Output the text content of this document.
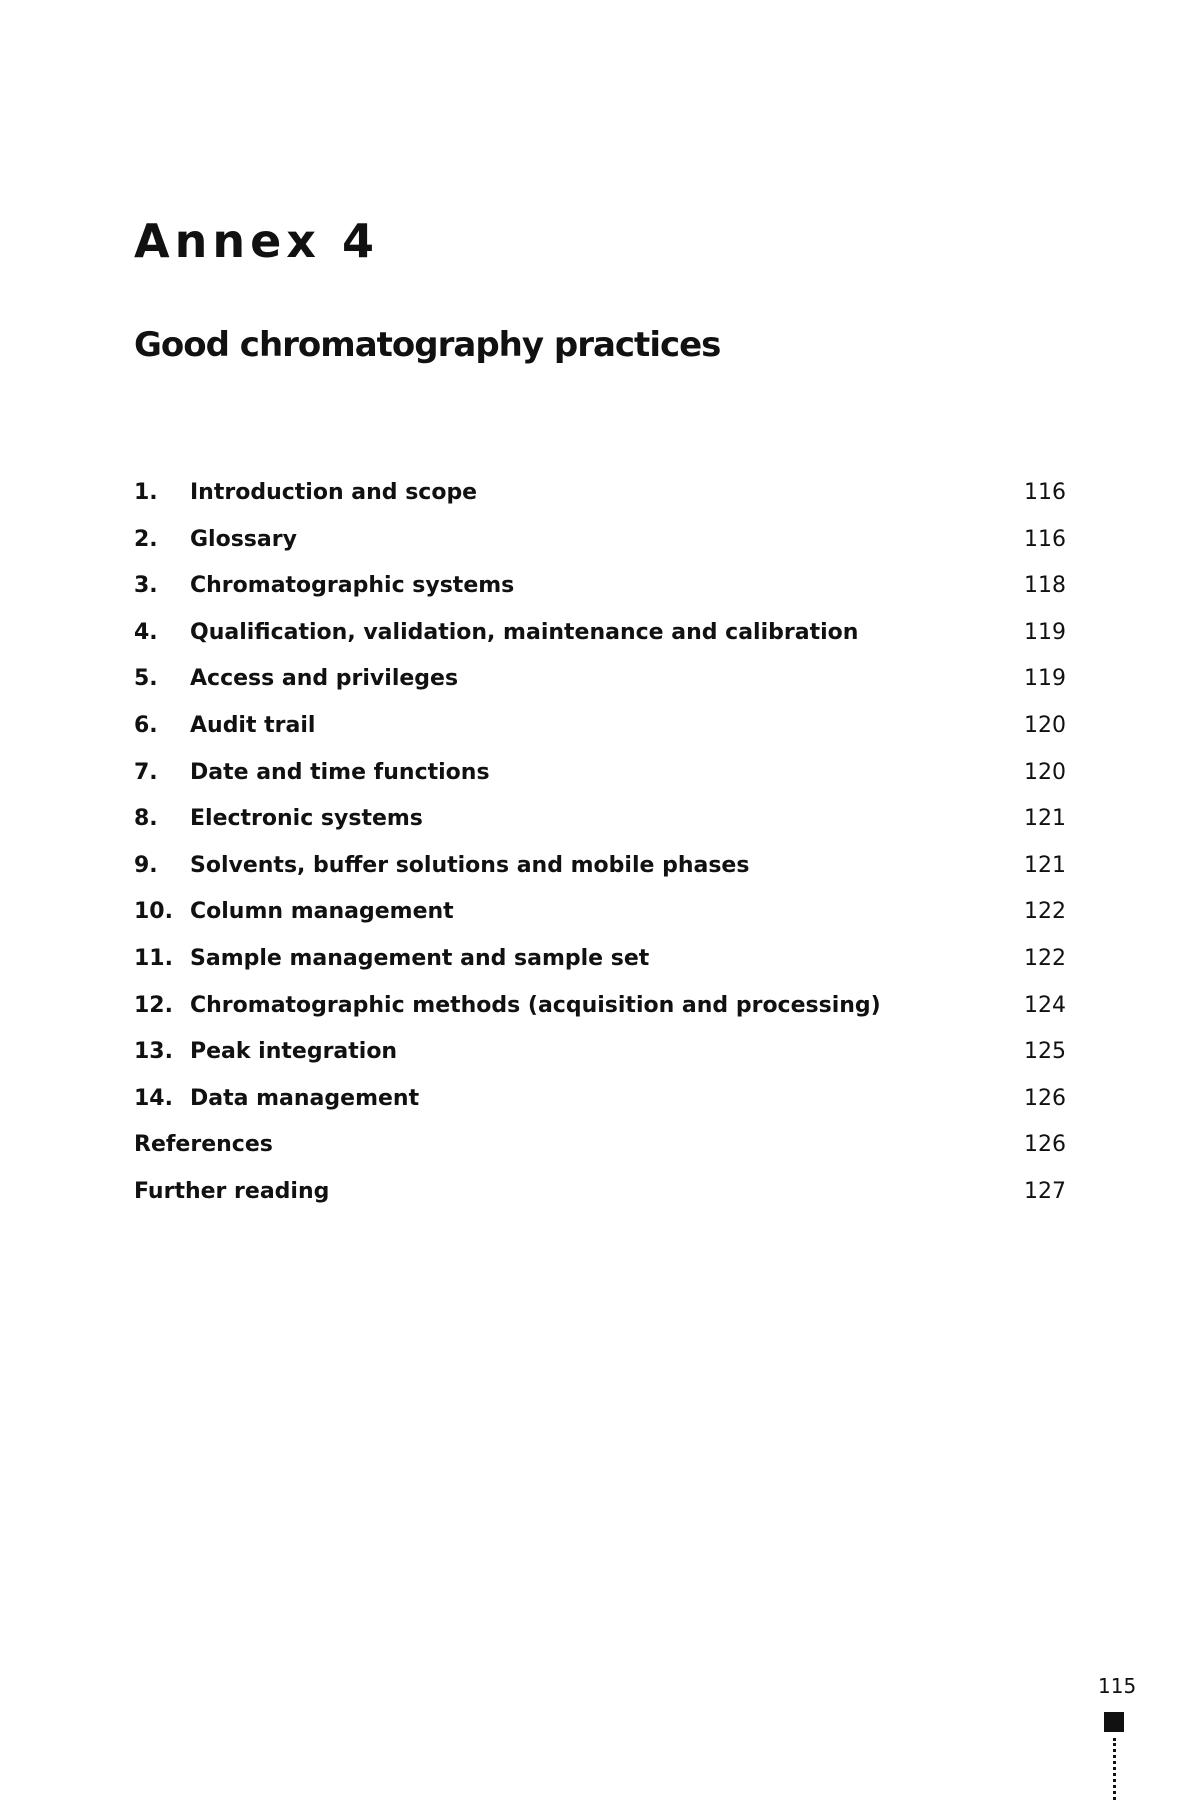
Annex 4
Good chromatography practices
1. Introduction and scope	116
2. Glossary	116
3. Chromatographic systems	118
4. Qualification, validation, maintenance and calibration	119
5. Access and privileges	119
6. Audit trail	120
7. Date and time functions	120
8. Electronic systems	121
9. Solvents, buffer solutions and mobile phases	121
10. Column management	122
11. Sample management and sample set	122
12. Chromatographic methods (acquisition and processing)	124
13. Peak integration	125
14. Data management	126
References	126
Further reading	127
115
